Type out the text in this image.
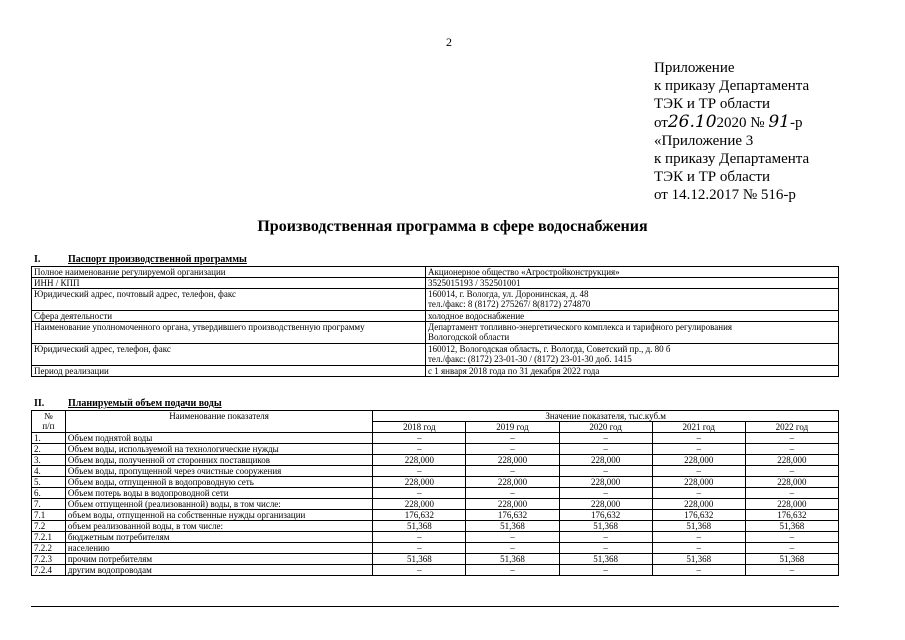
2
Приложение
к приказу Департамента
ТЭК и ТР области
от26.102020 № 91-р
«Приложение 3
к приказу Департамента
ТЭК и ТР области
от 14.12.2017 № 516-р
Производственная программа в сфере водоснабжения
I.	Паспорт производственной программы
Полное наименование регулируемой организации	Акционерное общество «Агростройконструкция»
ИНН / КПП	3525015193 / 352501001
Юридический адрес, почтовый адрес, телефон, факс	160014, г. Вологда, ул. Доронинская, д. 48
тел./факс: 8 (8172) 275267/ 8(8172) 274870

Сфера деятельности	холодное водоснабжение
Наименование уполномоченного органа, утвердившего производственную программу	Департамент топливно-энергетического комплекса и тарифного регулирования
Вологодской области

Юридический адрес, телефон, факс	160012, Вологодская область, г. Вологда, Советский пр., д. 80 б
тел./факс: (8172) 23-01-30 / (8172) 23-01-30 доб. 1415

Период реализации	с 1 января 2018 года по 31 декабря 2022 года
II. Планируемый объем подачи воды
№
п/п	Наименование показателя	Значение показателя, тыс.куб.м				
		2018 год	2019 год	2020 год	2021 год	2022 год
1.	Объем поднятой воды	–	–	–	–	–
2.	Объем воды, используемой на технологические нужды	–	–	–	–	–
3.	Объем воды, полученной от сторонних поставщиков	228,000	228,000	228,000	228,000	228,000
4.	Объем воды, пропущенной через очистные сооружения	–	–	–	–	–
5.	Объем воды, отпущенной в водопроводную сеть	228,000	228,000	228,000	228,000	228,000
6.	Объем потерь воды в водопроводной сети	–	–	–	–	–
7.	Объем отпущенной (реализованной) воды, в том числе:	228,000	228,000	228,000	228,000	228,000
7.1	объем воды, отпущенной на собственные нужды организации	176,632	176,632	176,632	176,632	176,632
7.2	объем реализованной воды, в том числе:	51,368	51,368	51,368	51,368	51,368
7.2.1	бюджетным потребителям	–	–	–	–	–
7.2.2	населению	–	–	–	–	–
7.2.3	прочим потребителям	51,368	51,368	51,368	51,368	51,368
7.2.4	другим водопроводам	–	–	–	–	–
